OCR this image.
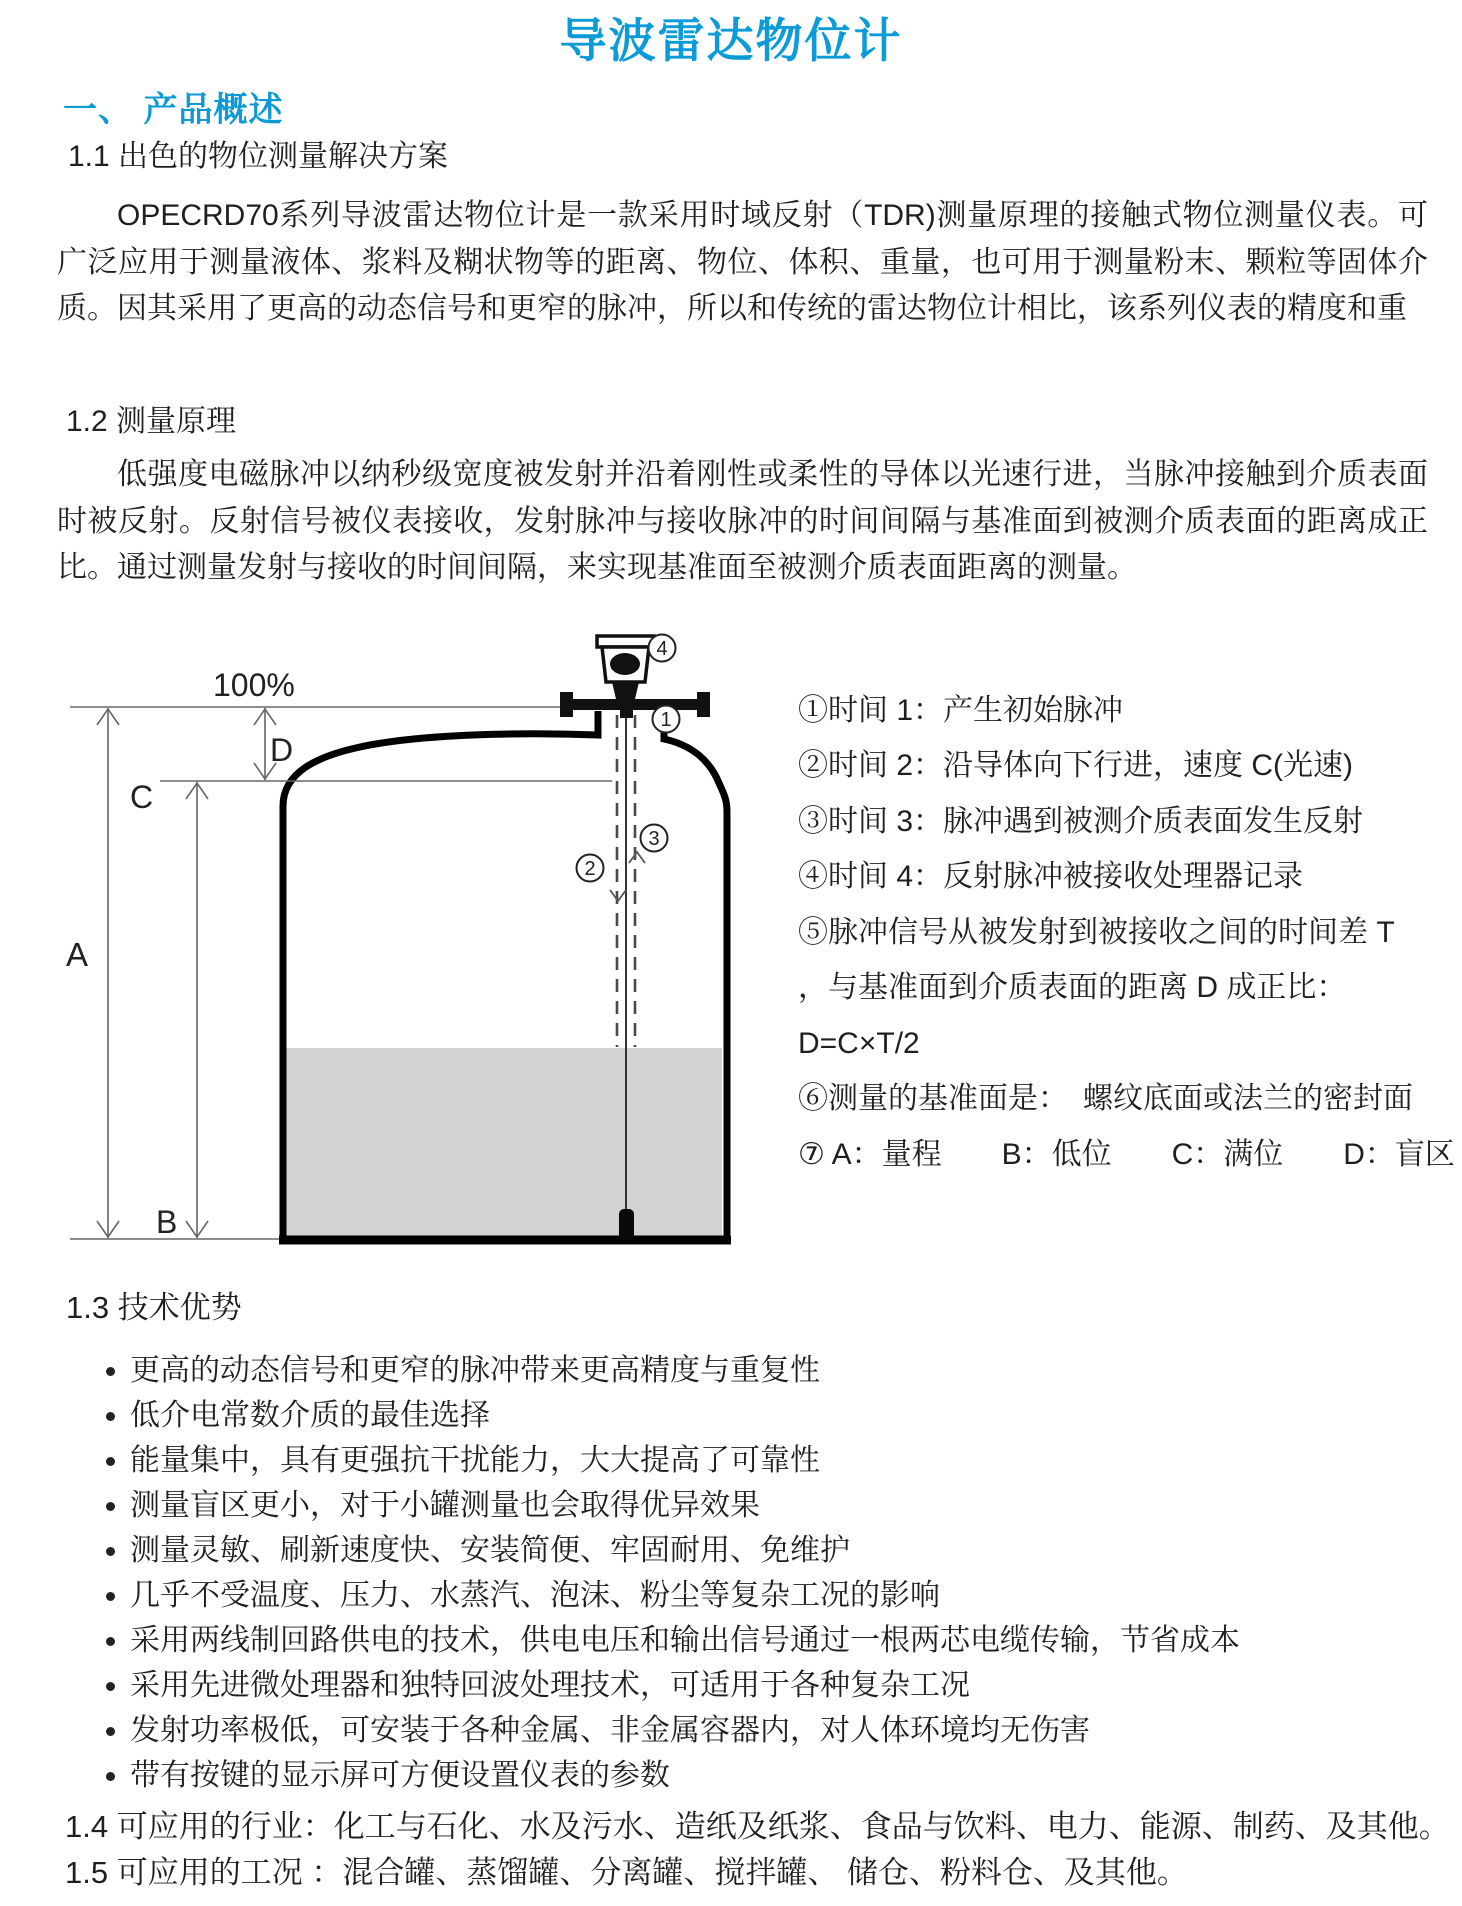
导波雷达物位计
一、 产品概述
1.1 出色的物位测量解决方案

OPECRD70系列导波雷达物位计是一款采用时域反射（TDR)测量原理的接触式物位测量仪表。可广泛应用于测量液体、浆料及糊状物等的距离、物位、体积、重量，也可用于测量粉末、颗粒等固体介质。因其采用了更高的动态信号和更窄的脉冲，所以和传统的雷达物位计相比，该系列仪表的精度和重

1.2 测量原理

低强度电磁脉冲以纳秒级宽度被发射并沿着刚性或柔性的导体以光速行进，当脉冲接触到介质表面时被反射。反射信号被仪表接收，发射脉冲与接收脉冲的时间间隔与基准面到被测介质表面的距离成正比。通过测量发射与接收的时间间隔，来实现基准面至被测介质表面距离的测量。

4
1
3
2
100%
D
C
A
B
①时间 1：产生初始脉冲
②时间 2：沿导体向下行进，速度 C(光速)
③时间 3：脉冲遇到被测介质表面发生反射
④时间 4：反射脉冲被接收处理器记录
⑤脉冲信号从被发射到被接收之间的时间差 T
，与基准面到介质表面的距离 D 成正比：
D=C×T/2
⑥测量的基准面是：　螺纹底面或法兰的密封面
⑦ A：量程　　B：低位　　C：满位　　D：盲区
1.3 技术优势
更高的动态信号和更窄的脉冲带来更高精度与重复性
低介电常数介质的最佳选择
能量集中，具有更强抗干扰能力，大大提高了可靠性
测量盲区更小，对于小罐测量也会取得优异效果
测量灵敏、刷新速度快、安装简便、牢固耐用、免维护
几乎不受温度、压力、水蒸汽、泡沫、粉尘等复杂工况的影响
采用两线制回路供电的技术，供电电压和输出信号通过一根两芯电缆传输，节省成本
采用先进微处理器和独特回波处理技术，可适用于各种复杂工况
发射功率极低，可安装于各种金属、非金属容器内，对人体环境均无伤害
带有按键的显示屏可方便设置仪表的参数
1.4 可应用的行业：化工与石化、水及污水、造纸及纸浆、食品与饮料、电力、能源、制药、及其他。
1.5 可应用的工况 ：混合罐、蒸馏罐、分离罐、搅拌罐、 储仓、粉料仓、及其他。
